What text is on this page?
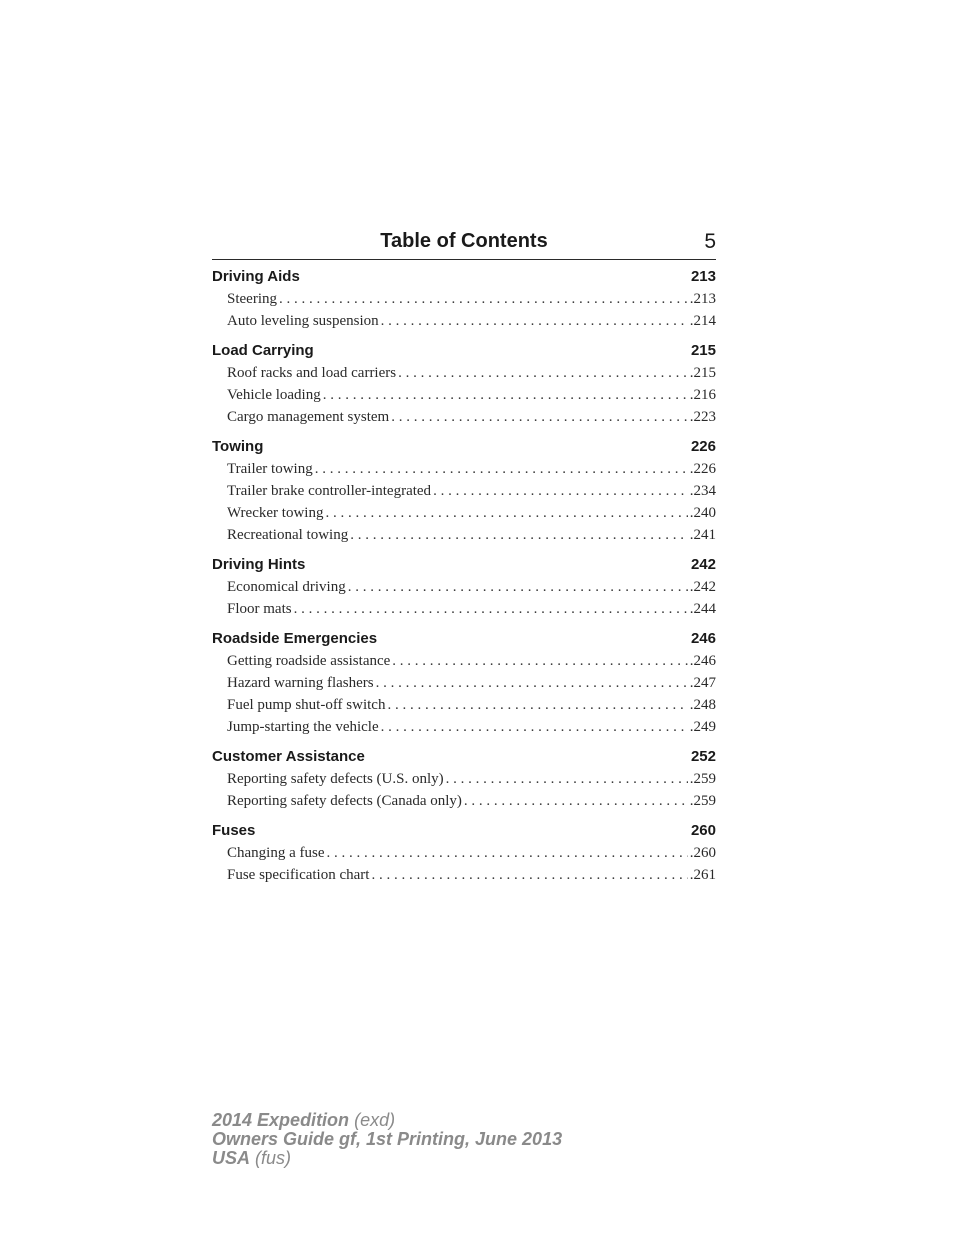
Table of Contents	5
Driving Aids	213
Steering . . .	.213
Auto leveling suspension . . .	.214
Load Carrying	215
Roof racks and load carriers . . .	.215
Vehicle loading . . .	.216
Cargo management system . . .	.223
Towing	226
Trailer towing . . .	.226
Trailer brake controller-integrated . . .	.234
Wrecker towing . . .	.240
Recreational towing . . .	.241
Driving Hints	242
Economical driving . . .	.242
Floor mats . . .	.244
Roadside Emergencies	246
Getting roadside assistance . . .	.246
Hazard warning flashers . . .	.247
Fuel pump shut-off switch . . .	.248
Jump-starting the vehicle . . .	.249
Customer Assistance	252
Reporting safety defects (U.S. only) . . .	.259
Reporting safety defects (Canada only) . . .	.259
Fuses	260
Changing a fuse . . .	.260
Fuse specification chart . . .	.261
2014 Expedition (exd)
Owners Guide gf, 1st Printing, June 2013
USA (fus)
